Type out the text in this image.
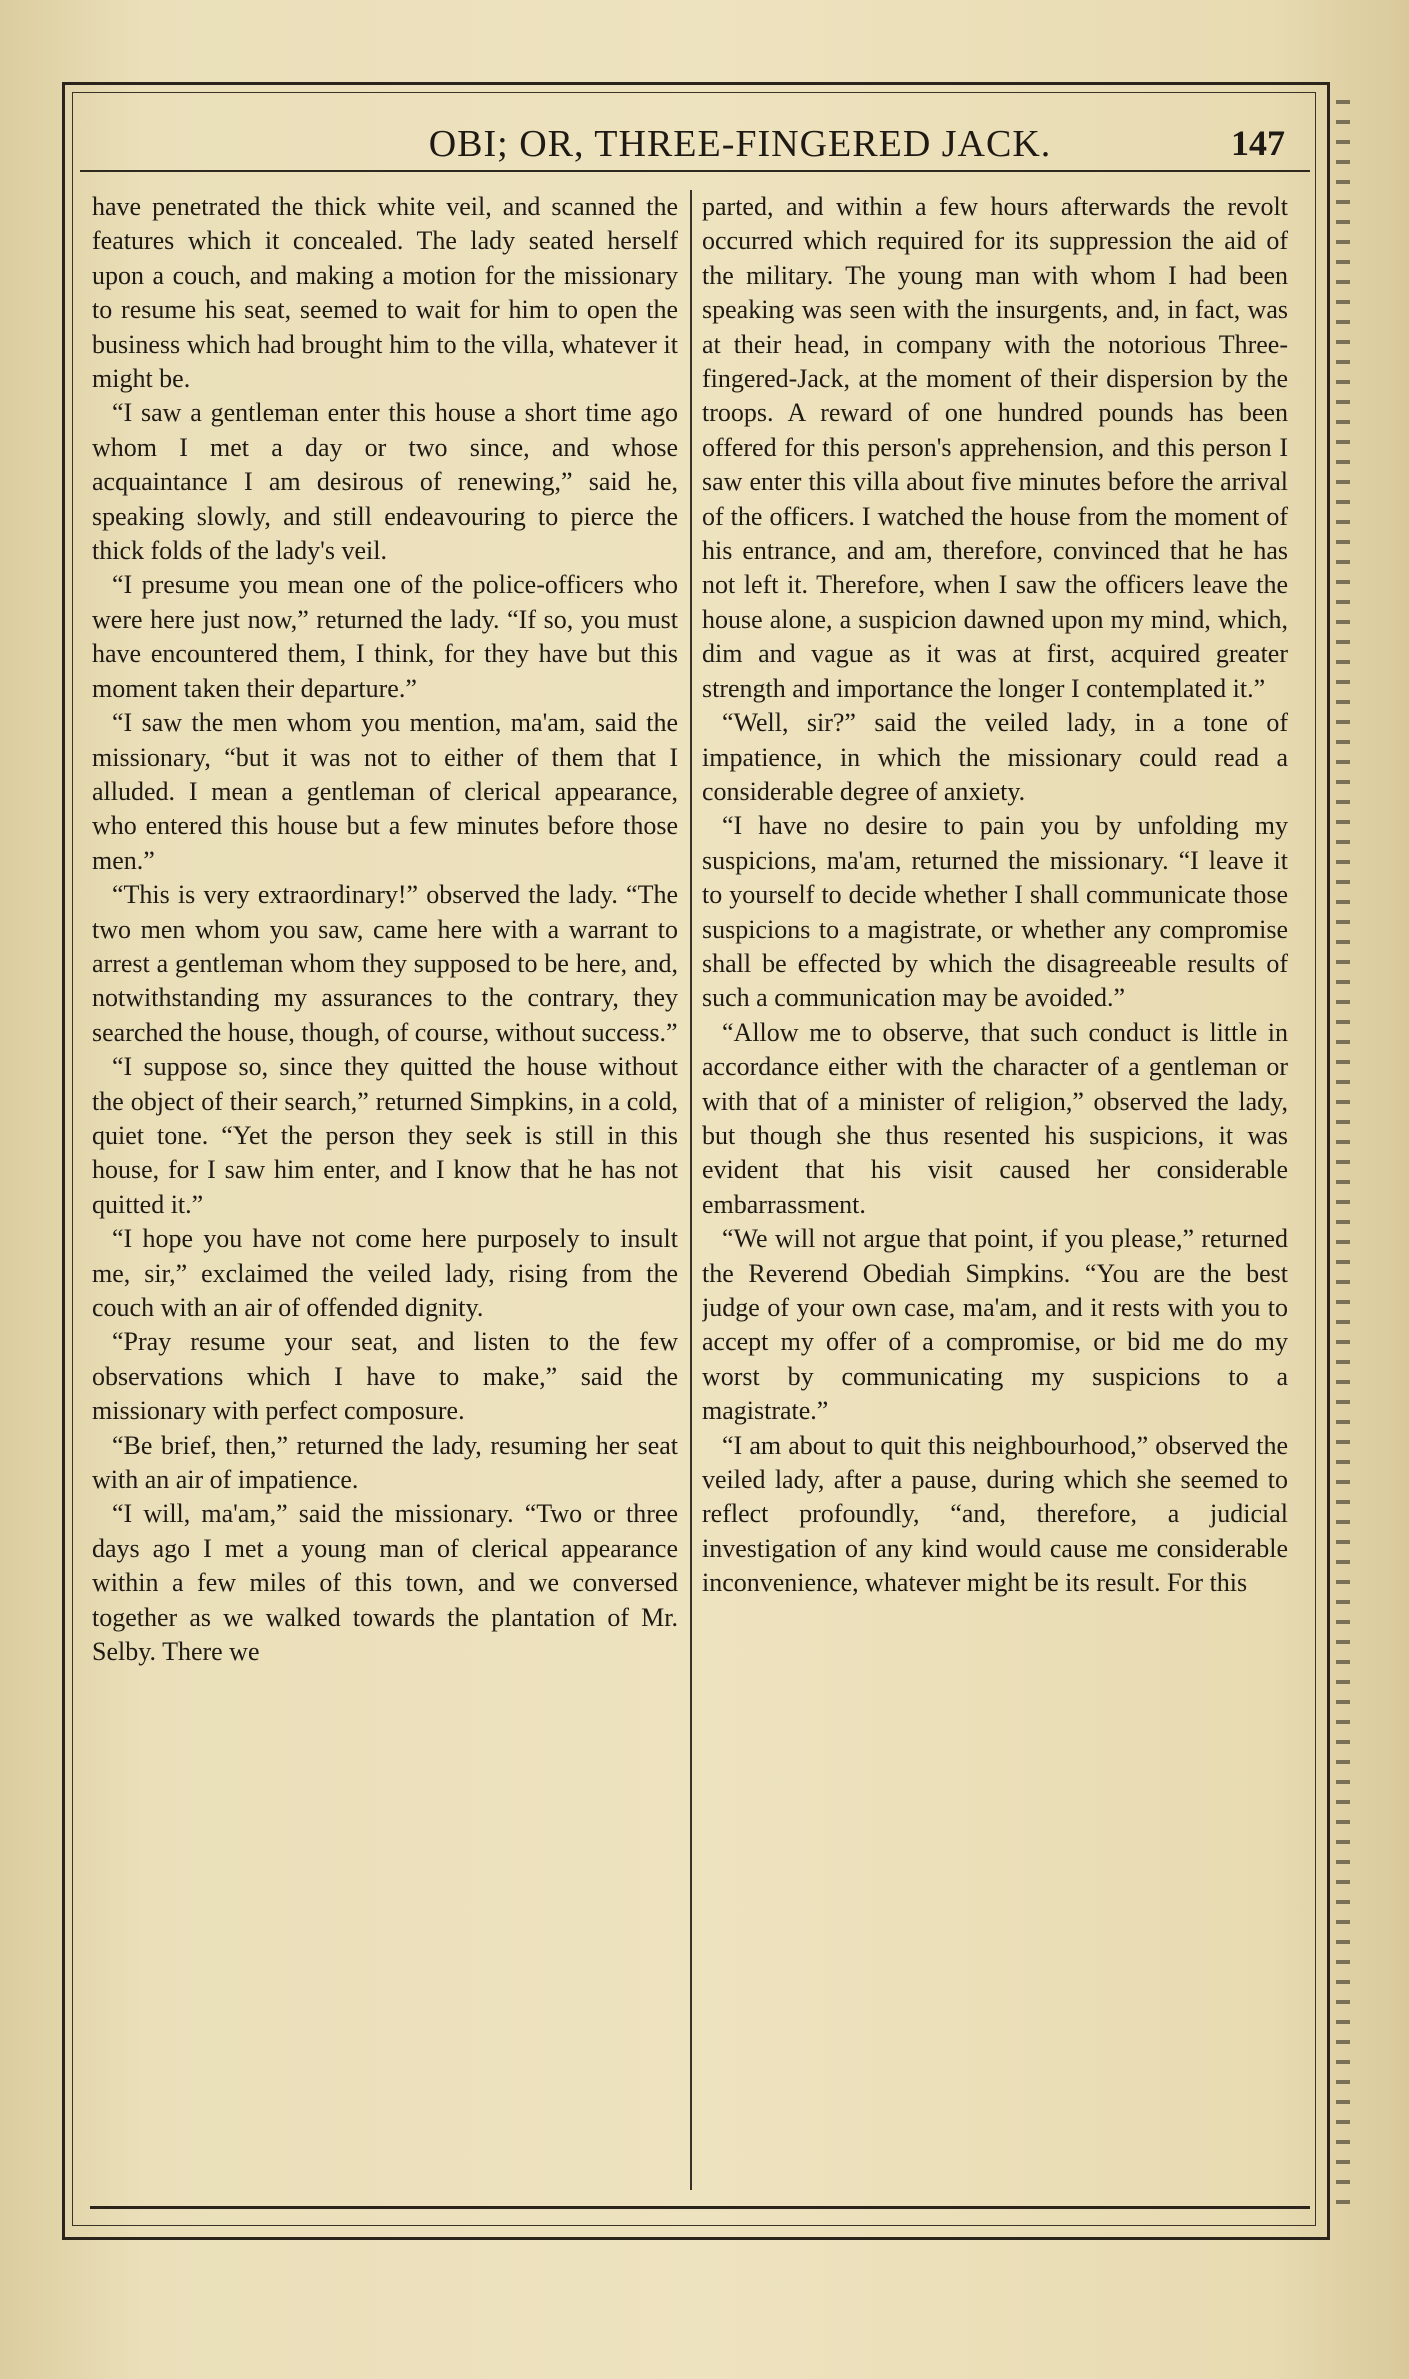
OBI; OR, THREE-FINGERED JACK.	147

have penetrated the thick white veil, and scanned the features which it concealed. The lady seated herself upon a couch, and making a motion for the missionary to resume his seat, seemed to wait for him to open the business which had brought him to the villa, whatever it might be.

“I saw a gentleman enter this house a short time ago whom I met a day or two since, and whose acquaintance I am desirous of renewing,” said he, speaking slowly, and still endeavouring to pierce the thick folds of the lady's veil.

“I presume you mean one of the police-officers who were here just now,” returned the lady. “If so, you must have encountered them, I think, for they have but this moment taken their departure.”

“I saw the men whom you mention, ma'am, said the missionary, “but it was not to either of them that I alluded. I mean a gentleman of clerical appearance, who entered this house but a few minutes before those men.”

“This is very extraordinary!” observed the lady. “The two men whom you saw, came here with a warrant to arrest a gentleman whom they supposed to be here, and, notwithstanding my assurances to the contrary, they searched the house, though, of course, without success.”

“I suppose so, since they quitted the house without the object of their search,” returned Simpkins, in a cold, quiet tone. “Yet the person they seek is still in this house, for I saw him enter, and I know that he has not quitted it.”

“I hope you have not come here purposely to insult me, sir,” exclaimed the veiled lady, rising from the couch with an air of offended dignity.

“Pray resume your seat, and listen to the few observations which I have to make,” said the missionary with perfect composure.

“Be brief, then,” returned the lady, resuming her seat with an air of impatience.

“I will, ma'am,” said the missionary. “Two or three days ago I met a young man of clerical appearance within a few miles of this town, and we conversed together as we walked towards the plantation of Mr. Selby. There we

parted, and within a few hours afterwards the revolt occurred which required for its suppression the aid of the military. The young man with whom I had been speaking was seen with the insurgents, and, in fact, was at their head, in company with the notorious Three-fingered-Jack, at the moment of their dispersion by the troops. A reward of one hundred pounds has been offered for this person's apprehension, and this person I saw enter this villa about five minutes before the arrival of the officers. I watched the house from the moment of his entrance, and am, therefore, convinced that he has not left it. Therefore, when I saw the officers leave the house alone, a suspicion dawned upon my mind, which, dim and vague as it was at first, acquired greater strength and importance the longer I contemplated it.”

“Well, sir?” said the veiled lady, in a tone of impatience, in which the missionary could read a considerable degree of anxiety.

“I have no desire to pain you by unfolding my suspicions, ma'am, returned the missionary. “I leave it to yourself to decide whether I shall communicate those suspicions to a magistrate, or whether any compromise shall be effected by which the disagreeable results of such a communication may be avoided.”

“Allow me to observe, that such conduct is little in accordance either with the character of a gentleman or with that of a minister of religion,” observed the lady, but though she thus resented his suspicions, it was evident that his visit caused her considerable embarrassment.

“We will not argue that point, if you please,” returned the Reverend Obediah Simpkins. “You are the best judge of your own case, ma'am, and it rests with you to accept my offer of a compromise, or bid me do my worst by communicating my suspicions to a magistrate.”

“I am about to quit this neighbourhood,” observed the veiled lady, after a pause, during which she seemed to reflect profoundly, “and, therefore, a judicial investigation of any kind would cause me considerable inconvenience, whatever might be its result. For this
